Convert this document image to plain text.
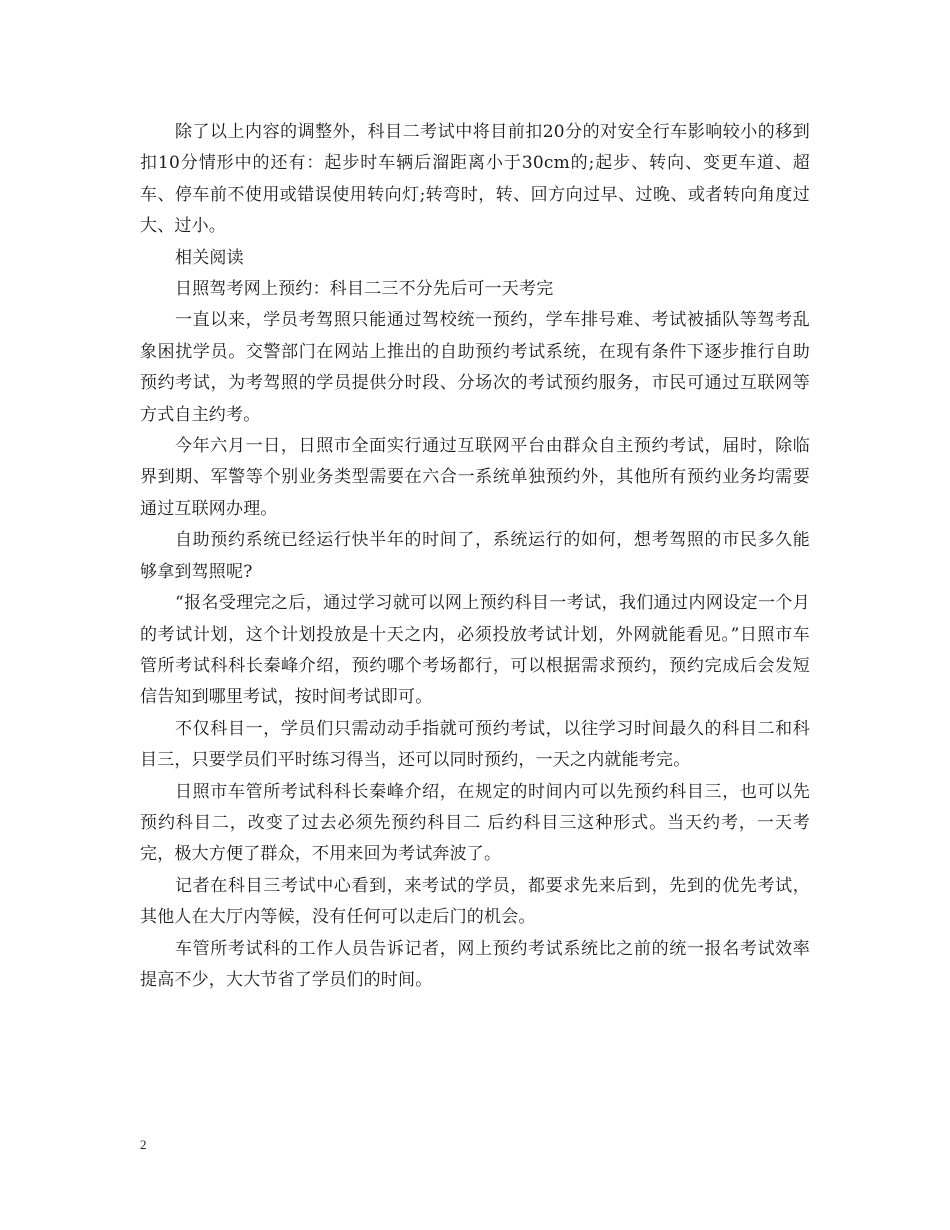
除了以上内容的调整外，科目二考试中将目前扣20分的对安全行车影响较小的移到扣10分情形中的还有：起步时车辆后溜距离小于30cm的;起步、转向、变更车道、超车、停车前不使用或错误使用转向灯;转弯时，转、回方向过早、过晚、或者转向角度过大、过小。

相关阅读

日照驾考网上预约：科目二三不分先后可一天考完

一直以来，学员考驾照只能通过驾校统一预约，学车排号难、考试被插队等驾考乱象困扰学员。交警部门在网站上推出的自助预约考试系统，在现有条件下逐步推行自助预约考试，为考驾照的学员提供分时段、分场次的考试预约服务，市民可通过互联网等方式自主约考。

今年六月一日，日照市全面实行通过互联网平台由群众自主预约考试，届时，除临界到期、军警等个别业务类型需要在六合一系统单独预约外，其他所有预约业务均需要通过互联网办理。

自助预约系统已经运行快半年的时间了，系统运行的如何，想考驾照的市民多久能够拿到驾照呢?

“报名受理完之后，通过学习就可以网上预约科目一考试，我们通过内网设定一个月的考试计划，这个计划投放是十天之内，必须投放考试计划，外网就能看见。”日照市车管所考试科科长秦峰介绍，预约哪个考场都行，可以根据需求预约，预约完成后会发短信告知到哪里考试，按时间考试即可。

不仅科目一，学员们只需动动手指就可预约考试，以往学习时间最久的科目二和科目三，只要学员们平时练习得当，还可以同时预约，一天之内就能考完。

日照市车管所考试科科长秦峰介绍，在规定的时间内可以先预约科目三，也可以先预约科目二，改变了过去必须先预约科目二 后约科目三这种形式。当天约考，一天考完，极大方便了群众，不用来回为考试奔波了。

记者在科目三考试中心看到，来考试的学员，都要求先来后到，先到的优先考试，其他人在大厅内等候，没有任何可以走后门的机会。

车管所考试科的工作人员告诉记者，网上预约考试系统比之前的统一报名考试效率提高不少，大大节省了学员们的时间。

2
